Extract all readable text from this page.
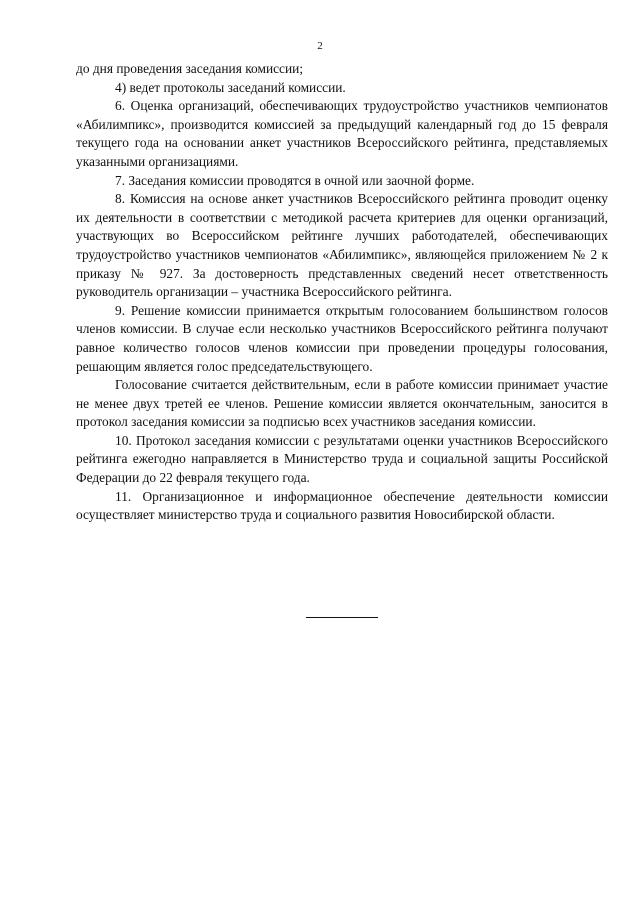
2

до дня проведения заседания комиссии;

4) ведет протоколы заседаний комиссии.

6. Оценка организаций, обеспечивающих трудоустройство участников чемпионатов «Абилимпикс», производится комиссией за предыдущий календарный год до 15 февраля текущего года на основании анкет участников Всероссийского рейтинга, представляемых указанными организациями.

7. Заседания комиссии проводятся в очной или заочной форме.

8. Комиссия на основе анкет участников Всероссийского рейтинга проводит оценку их деятельности в соответствии с методикой расчета критериев для оценки организаций, участвующих во Всероссийском рейтинге лучших работодателей, обеспечивающих трудоустройство участников чемпионатов «Абилимпикс», являющейся приложением № 2 к приказу № 927. За достоверность представленных сведений несет ответственность руководитель организации – участника Всероссийского рейтинга.

9. Решение комиссии принимается открытым голосованием большинством голосов членов комиссии. В случае если несколько участников Всероссийского рейтинга получают равное количество голосов членов комиссии при проведении процедуры голосования, решающим является голос председательствующего.

Голосование считается действительным, если в работе комиссии принимает участие не менее двух третей ее членов. Решение комиссии является окончательным, заносится в протокол заседания комиссии за подписью всех участников заседания комиссии.

10. Протокол заседания комиссии с результатами оценки участников Всероссийского рейтинга ежегодно направляется в Министерство труда и социальной защиты Российской Федерации до 22 февраля текущего года.

11. Организационное и информационное обеспечение деятельности комиссии осуществляет министерство труда и социального развития Новосибирской области.
